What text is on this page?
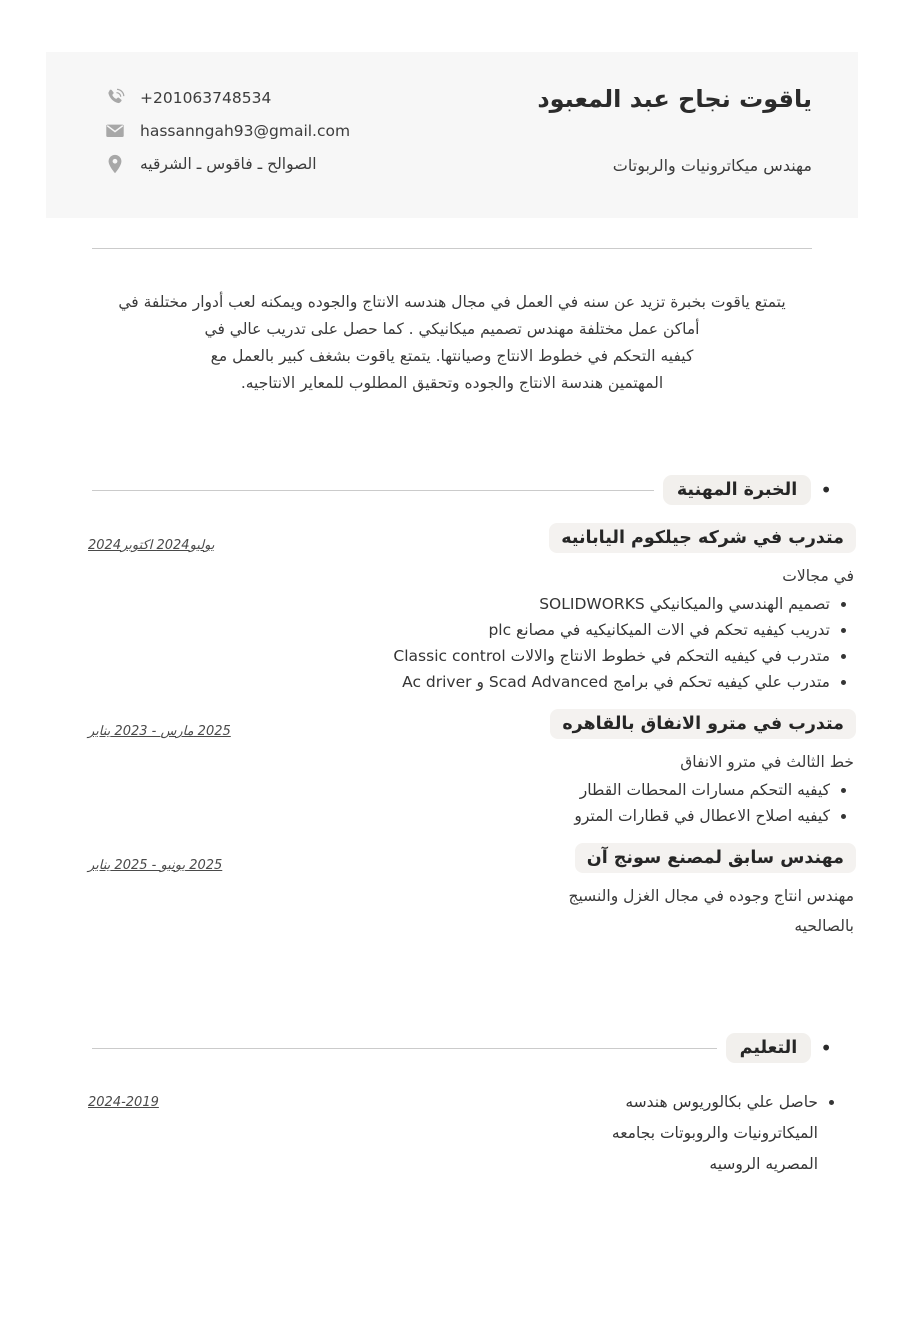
+201063748534
hassanngah93@gmail.com
الصوالح ـ فاقوس ـ الشرقيه
ياقوت نجاح عبد المعبود
مهندس ميكاترونيات والربوتات
يتمتع ياقوت بخبرة تزيد عن سنه في العمل في مجال هندسه الانتاج والجوده ويمكنه لعب أدوار مختلفة في
أماكن عمل مختلفة مهندس تصميم ميكانيكي . كما حصل على تدريب عالي في
كيفيه التحكم في خطوط الانتاج وصيانتها. يتمتع ياقوت بشغف كبير بالعمل مع
المهتمين هندسة الانتاج والجوده وتحقيق المطلوب للمعاير الانتاجيه.
•
الخبرة المهنية
متدرب في شركه جيلكوم اليابانيه
في مجالات
• تصميم الهندسي والميكانيكي SOLIDWORKS
• تدريب كيفيه تحكم في الات الميكانيكيه في مصانع plc
• متدرب في كيفيه التحكم في خطوط الانتاج والالات Classic control
• متدرب علي كيفيه تحكم في برامج Scad Advanced و Ac driver
يوليو2024 اكتوبر2024
متدرب في مترو الانفاق بالقاهره
خط الثالث في مترو الانفاق
• كيفيه التحكم مسارات المحطات القطار
• كيفيه اصلاح الاعطال في قطارات المترو
يناير‎ 2023 - مارس‎ 2025
مهندس سابق لمصنع سونج آن
مهندس انتاج وجوده في مجال الغزل والنسيج بالصالحيه
يناير‎ 2025 - يونيو‎ 2025
•
التعليم
• حاصل علي بكالوريوس هندسه الميكاترونيات والروبوتات بجامعه المصريه الروسيه
2024-2019
